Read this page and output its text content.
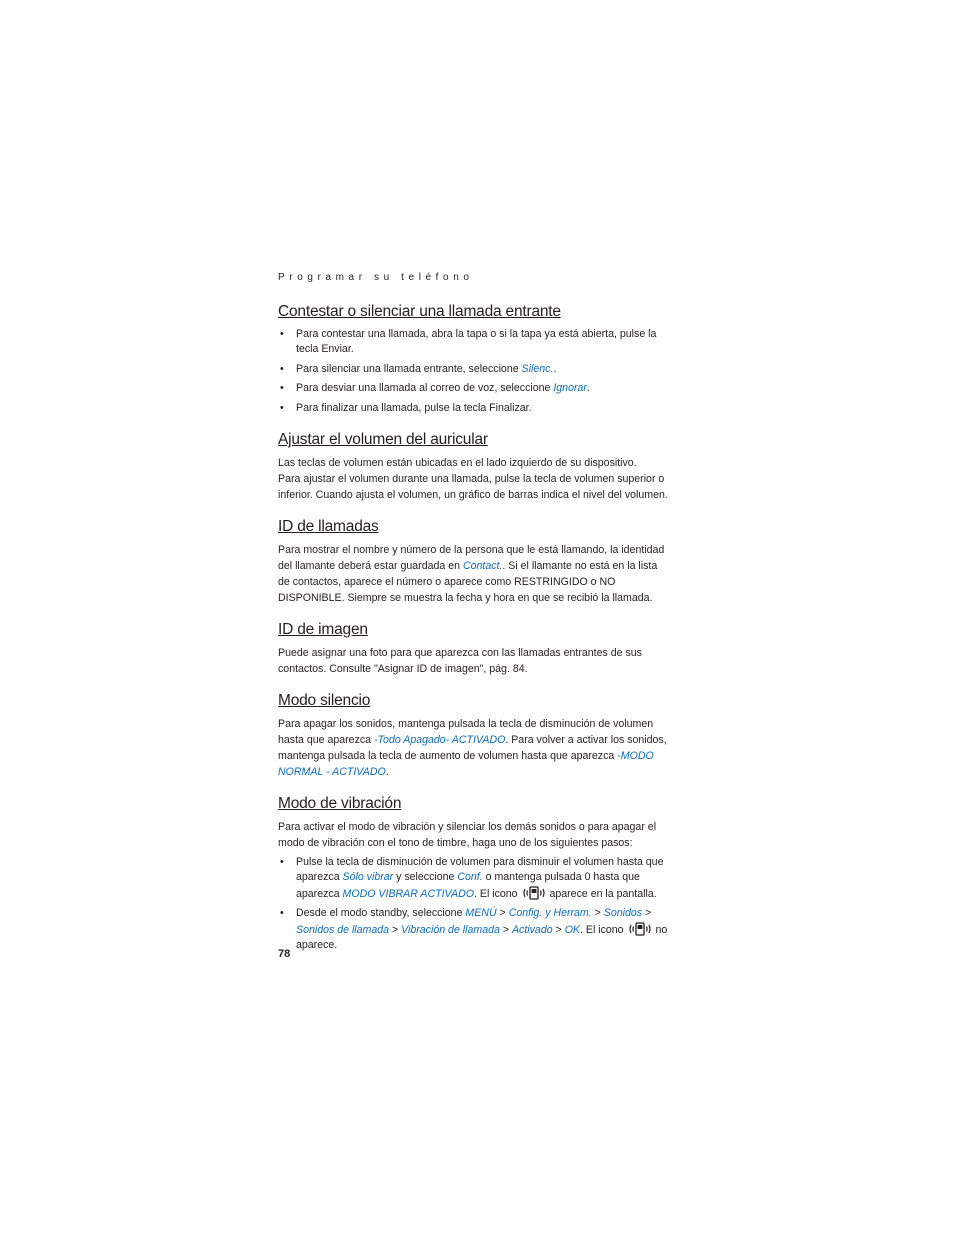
Programar su teléfono
Contestar o silenciar una llamada entrante
• Para contestar una llamada, abra la tapa o si la tapa ya está abierta, pulse la tecla Enviar.
• Para silenciar una llamada entrante, seleccione Silenc..
• Para desviar una llamada al correo de voz, seleccione Ignorar.
• Para finalizar una llamada, pulse la tecla Finalizar.
Ajustar el volumen del auricular

Las teclas de volumen están ubicadas en el lado izquierdo de su dispositivo.

Para ajustar el volumen durante una llamada, pulse la tecla de volumen superior o inferior. Cuando ajusta el volumen, un gráfico de barras indica el nivel del volumen.

ID de llamadas

Para mostrar el nombre y número de la persona que le está llamando, la identidad del llamante deberá estar guardada en Contact.. Si el llamante no está en la lista de contactos, aparece el número o aparece como RESTRINGIDO o NO DISPONIBLE. Siempre se muestra la fecha y hora en que se recibió la llamada.

ID de imagen

Puede asignar una foto para que aparezca con las llamadas entrantes de sus contactos. Consulte "Asignar ID de imagen", pág. 84.

Modo silencio

Para apagar los sonidos, mantenga pulsada la tecla de disminución de volumen hasta que aparezca -Todo Apagado- ACTIVADO. Para volver a activar los sonidos, mantenga pulsada la tecla de aumento de volumen hasta que aparezca -MODO NORMAL - ACTIVADO.

Modo de vibración

Para activar el modo de vibración y silenciar los demás sonidos o para apagar el modo de vibración con el tono de timbre, haga uno de los siguientes pasos:

• Pulse la tecla de disminución de volumen para disminuir el volumen hasta que aparezca Sólo vibrar y seleccione Conf. o mantenga pulsada 0 hasta que aparezca MODO VIBRAR ACTIVADO. El icono  aparece en la pantalla.
• Desde el modo standby, seleccione MENÚ > Config. y Herram. > Sonidos > Sonidos de llamada > Vibración de llamada > Activado > OK. El icono  no aparece.
78
